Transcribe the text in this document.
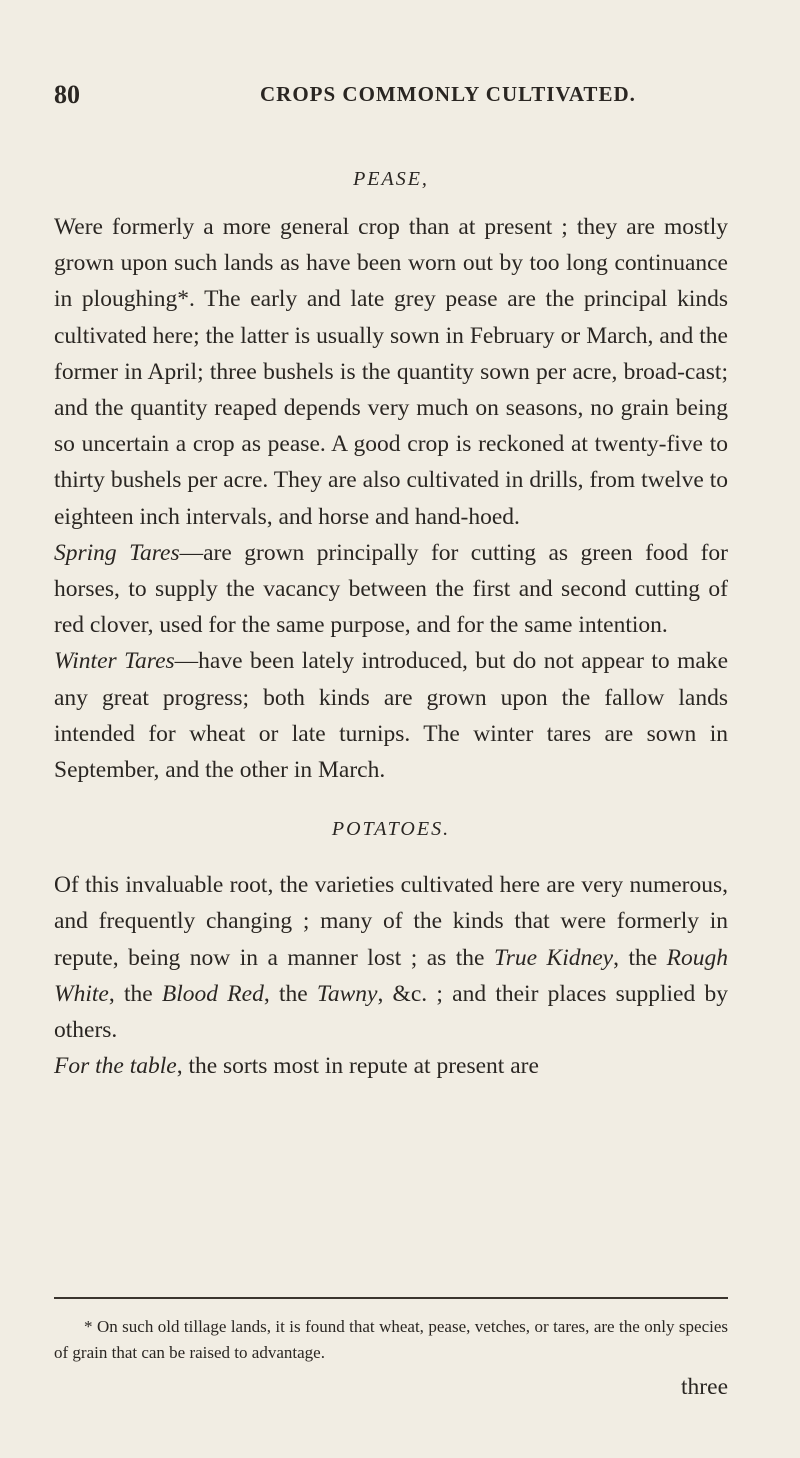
80	CROPS COMMONLY CULTIVATED.
PEASE,

Were formerly a more general crop than at present ; they are mostly grown upon such lands as have been worn out by too long continuance in ploughing*. The early and late grey pease are the principal kinds cultivated here; the latter is usually sown in February or March, and the former in April; three bushels is the quantity sown per acre, broad-cast; and the quantity reaped depends very much on seasons, no grain being so uncertain a crop as pease. A good crop is reckoned at twenty-five to thirty bushels per acre. They are also cultivated in drills, from twelve to eighteen inch intervals, and horse and hand-hoed.

Spring Tares—are grown principally for cutting as green food for horses, to supply the vacancy between the first and second cutting of red clover, used for the same purpose, and for the same intention.

Winter Tares—have been lately introduced, but do not appear to make any great progress; both kinds are grown upon the fallow lands intended for wheat or late turnips. The winter tares are sown in September, and the other in March.

POTATOES.

Of this invaluable root, the varieties cultivated here are very numerous, and frequently changing ; many of the kinds that were formerly in repute, being now in a manner lost ; as the True Kidney, the Rough White, the Blood Red, the Tawny, &c. ; and their places supplied by others.

For the table, the sorts most in repute at present are

* On such old tillage lands, it is found that wheat, pease, vetches, or tares, are the only species of grain that can be raised to advantage.
three
